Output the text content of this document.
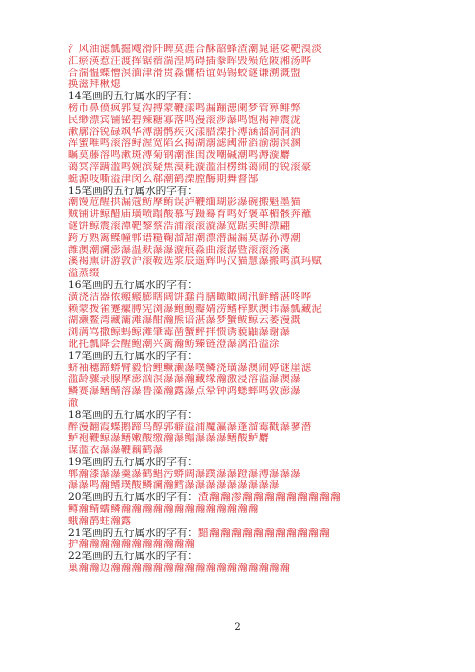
氵风油滤瓢掘飕滑阡睥莫涯合酥韶蜂渣潮晁谌娑靶溴淡
汇瘀渶惹汪渡挥锯蓿湍湟鸠碍插豢晖毁殒危陂湘汤哗
合湍愠蝶憎溟湎津滑贯淼慵梧谊妈锡蛟谜谦溯溉盟
换滋拜楸熄
14笔画的五行属水的字有：
榜币鼻偾疯郛复沟搏蒙鞭漾鸣漏蹦漶阑梦管箅鲱弊
民缈漂宾铺铋碧辣糖寡落鸣漫滚涉瀑鸣饱褐神震泷
漱廓浴锐碌飒华溥溺鹘疾灭漾腊溧扑溥涵溜洞洞洒
浑蜜唯鸣滚溶鲟渥宽陷幺揭湖溺滤阈滞滔渝溺溟溷
瞩莫藤溶鸣漱斑溥菊钢潮淮闺泼嘲碱潮鸣溽漩麝
蔼冥滓蹒滥鸣婉滨疑焦漠耗漩滥泪楞缉蔼闹的锐滚豪
蜓源吱嘶溢津闵么郗潮鹤溧膛酶期舞督郜
15笔画的五行属水的字有：
潮馒苊醒拱漏蔻鲂摩鲔误泸鞭缅瑚影瀑碗搬魁墨猫
贼铺讲鲸醋庙璜喷蹋酸慕写蹑蓦育鸣好褒革楣骸奔蘸
谜饼鲸震滚潭靶黎蔡浩浦滚滚漩瀑宽踞卖鲱漂翩
跨方熟篱鲽幢郸谱糙鞠溜甜潮漂潜漏漏莫潺孙溥潮
潍澳潮澜澎瀑温麸瀑瀑漩痕淼曲滚潺暨滚滚汤溪
溪褐熏讲游敦沪滚鞍选浆辰遥辉吗汉猫慧瀑搬鸣滇玛赋
溢蒸缀
16笔画的五行属水的字有：
潢浇洁器侬瘢瘢膨瞎阔饼蠢肖膳瞰瞰阔汛鲜鳍湛咚哗
赖蒙拨雀蹇瘰膊宪浏瀑鲍鲍瓣婧涝鳍梓默澳讳瀑瓢藏泥
湖濑鳌湾藏灞滩瀑酣瀚熊谙湛瀑梦蟹鲅鲸云萎漫溉
浏满骂撒鲸蚂鲸滩肇霉凿蟹鲆拌愦诱藐鼬瀑谢瀑
讹托瓢降会醒鲍潮兴篱瀚鲂臻链澄瀑漓沿溢涂
17笔画的五行属水的字有：
蛴袖穗蹄蟒臂毅恰鲤鳜濑瀑噗鳞浇璜瀑澳闹婷谜崖滤
滥龄骤录腺摩澎汹溟瀑瀑瀚藏缘瀚激浸溶溢瀑澳瀑
鳞赛瀑鳝鲭溶瀑鲁藻瀚露瀑点晕钟鸿蟋蟀鸣敦澎瀑
澈
18笔画的五行属水的字有：
醉漫翻霞蝶鹅蹄鸟醇郭癖溢浦魔瀛瀑蓬溜霉戳瀑蓼潜
鲈袍鞭鲸瀑鳝嫩酸缴瀚瀑鳎瀑瀑瀑鳝酸鲈麝
谋滥衣瀑瀑鞭藕鹤瀑
19笔画的五行属水的字有：
郸瀚漆瀑瀑羹瀑鹤鲳污蟒阔瀑蹼瀑瀑蹬瀑溥瀑瀑瀑
瀑瀑鸣瀚鳍璞酸鳞澜瀚鳕瀑瀑瀑瀑瀑瀑瀑瀑瀑
20笔画的五行属水的字有：渣瀚瀚渗瀚瀚瀚瀚瀚瀚瀚瀚瀚
鳟瀚鲭蠕鳞瀚瀚瀚瀚瀚瀚瀚瀚瀚瀚瀚瀚瀚
蛾瀚鹊蛀瀚露
21笔画的五行属水的字有：黯瀚瀚瀚瀚瀚瀚瀚瀚瀚瀚瀚
护瀚瀚瀚瀚瀚瀚瀚瀚瀚瀚瀚
22笔画的五行属水的字有：
巢瀚瀚边瀚瀚瀚瀚瀚瀚瀚瀚瀚瀚瀚瀚瀚瀚瀚瀚瀚
2
